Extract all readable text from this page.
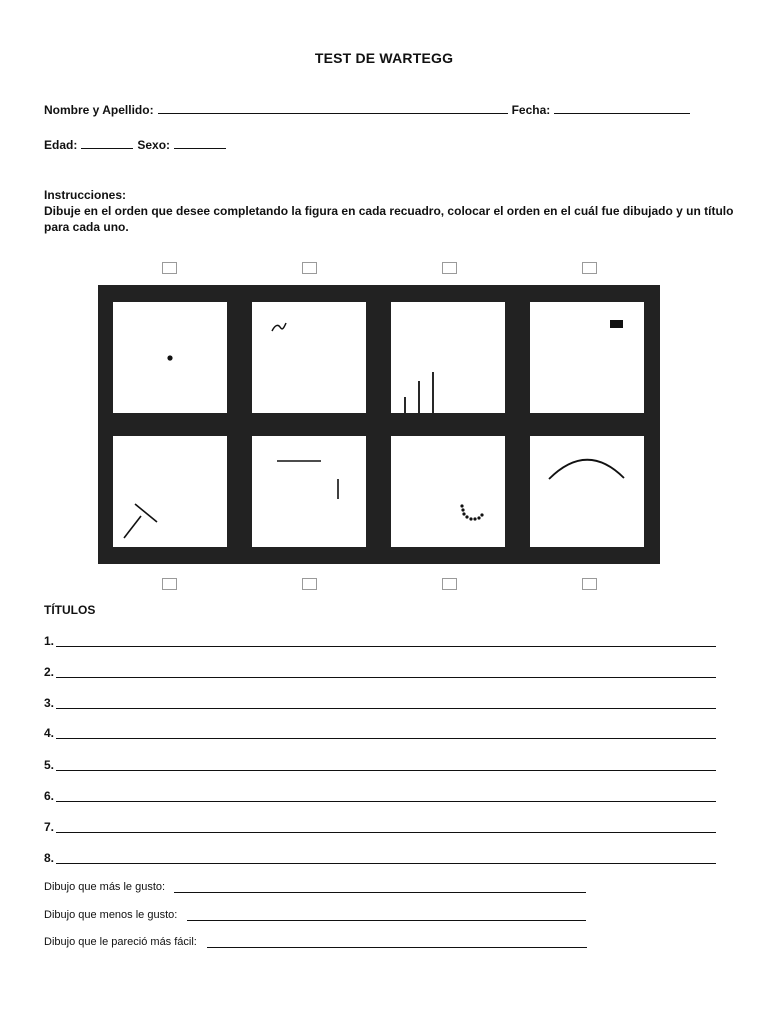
TEST DE WARTEGG
Nombre y Apellido:	Fecha:
Edad:	Sexo:
Instrucciones:
Dibuje en el orden que desee completando la figura en cada recuadro, colocar el orden en el cuál fue dibujado y un título para cada uno.
TÍTULOS
1.
2.
3.
4.
5.
6.
7.
8.
Dibujo que más le gusto:
Dibujo que menos le gusto:
Dibujo que le pareció más fácil:
